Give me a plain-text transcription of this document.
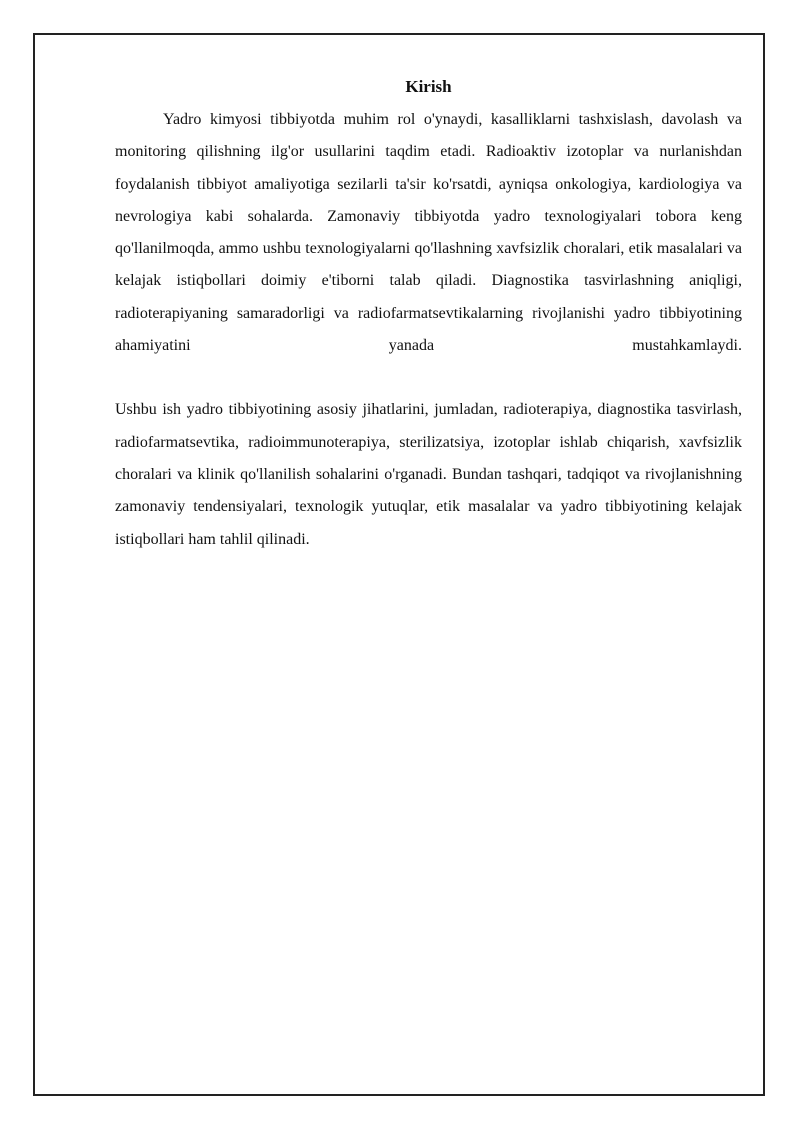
Kirish

Yadro kimyosi tibbiyotda muhim rol o'ynaydi, kasalliklarni tashxislash, davolash va monitoring qilishning ilg'or usullarini taqdim etadi. Radioaktiv izotoplar va nurlanishdan foydalanish tibbiyot amaliyotiga sezilarli ta'sir ko'rsatdi, ayniqsa onkologiya, kardiologiya va nevrologiya kabi sohalarda. Zamonaviy tibbiyotda yadro texnologiyalari tobora keng qo'llanilmoqda, ammo ushbu texnologiyalarni qo'llashning xavfsizlik choralari, etik masalalari va kelajak istiqbollari doimiy e'tiborni talab qiladi. Diagnostika tasvirlashning aniqligi, radioterapiyaning samaradorligi va radiofarmatsevtikalarning rivojlanishi yadro tibbiyotining ahamiyatini yanada mustahkamlaydi.

Ushbu ish yadro tibbiyotining asosiy jihatlarini, jumladan, radioterapiya, diagnostika tasvirlash, radiofarmatsevtika, radioimmunoterapiya, sterilizatsiya, izotoplar ishlab chiqarish, xavfsizlik choralari va klinik qo'llanilish sohalarini o'rganadi. Bundan tashqari, tadqiqot va rivojlanishning zamonaviy tendensiyalari, texnologik yutuqlar, etik masalalar va yadro tibbiyotining kelajak istiqbollari ham tahlil qilinadi.
